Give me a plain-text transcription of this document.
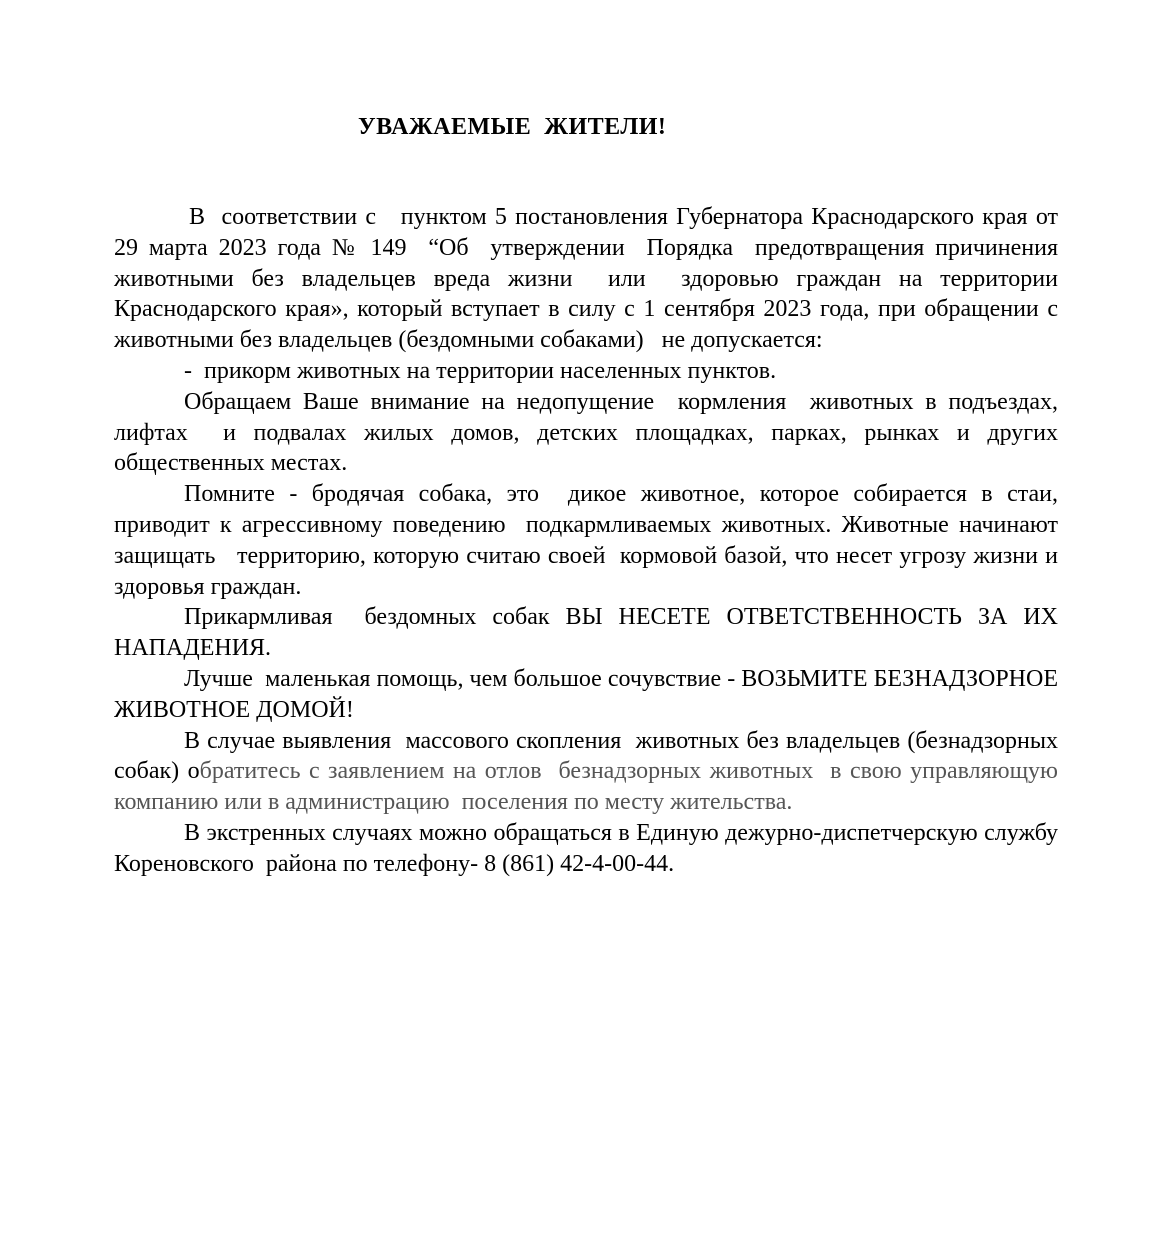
УВАЖАЕМЫЕ  ЖИТЕЛИ!

В  соответствии с   пунктом 5 постановления Губернатора Краснодарского края от 29 марта 2023 года № 149  “Об  утверждении  Порядка  предотвращения причинения животными без владельцев вреда жизни  или  здоровью граждан на территории Краснодарского края», который вступает в силу с 1 сентября 2023 года, при обращении с животными без владельцев (бездомными собаками)   не допускается:

-  прикорм животных на территории населенных пунктов.

Обращаем Ваше внимание на недопущение  кормления  животных в подъездах, лифтах  и подвалах жилых домов, детских площадках, парках, рынках и других общественных местах.

Помните - бродячая собака, это  дикое животное, которое собирается в стаи, приводит к агрессивному поведению  подкармливаемых животных. Животные начинают защищать   территорию, которую считаю своей  кормовой базой, что несет угрозу жизни и здоровья граждан.

Прикармливая  бездомных собак ВЫ НЕСЕТЕ ОТВЕТСТВЕННОСТЬ ЗА ИХ НАПАДЕНИЯ.

Лучше  маленькая помощь, чем большое сочувствие - ВОЗЬМИТЕ БЕЗНАДЗОРНОЕ ЖИВОТНОЕ ДОМОЙ!

В случае выявления  массового скопления  животных без владельцев (безнадзорных собак) обратитесь с заявлением на отлов  безнадзорных животных  в свою управляющую компанию или в администрацию  поселения по месту жительства.

В экстренных случаях можно обращаться в Единую дежурно-диспетчерскую службу Кореновского  района по телефону- 8 (861) 42-4-00-44.
